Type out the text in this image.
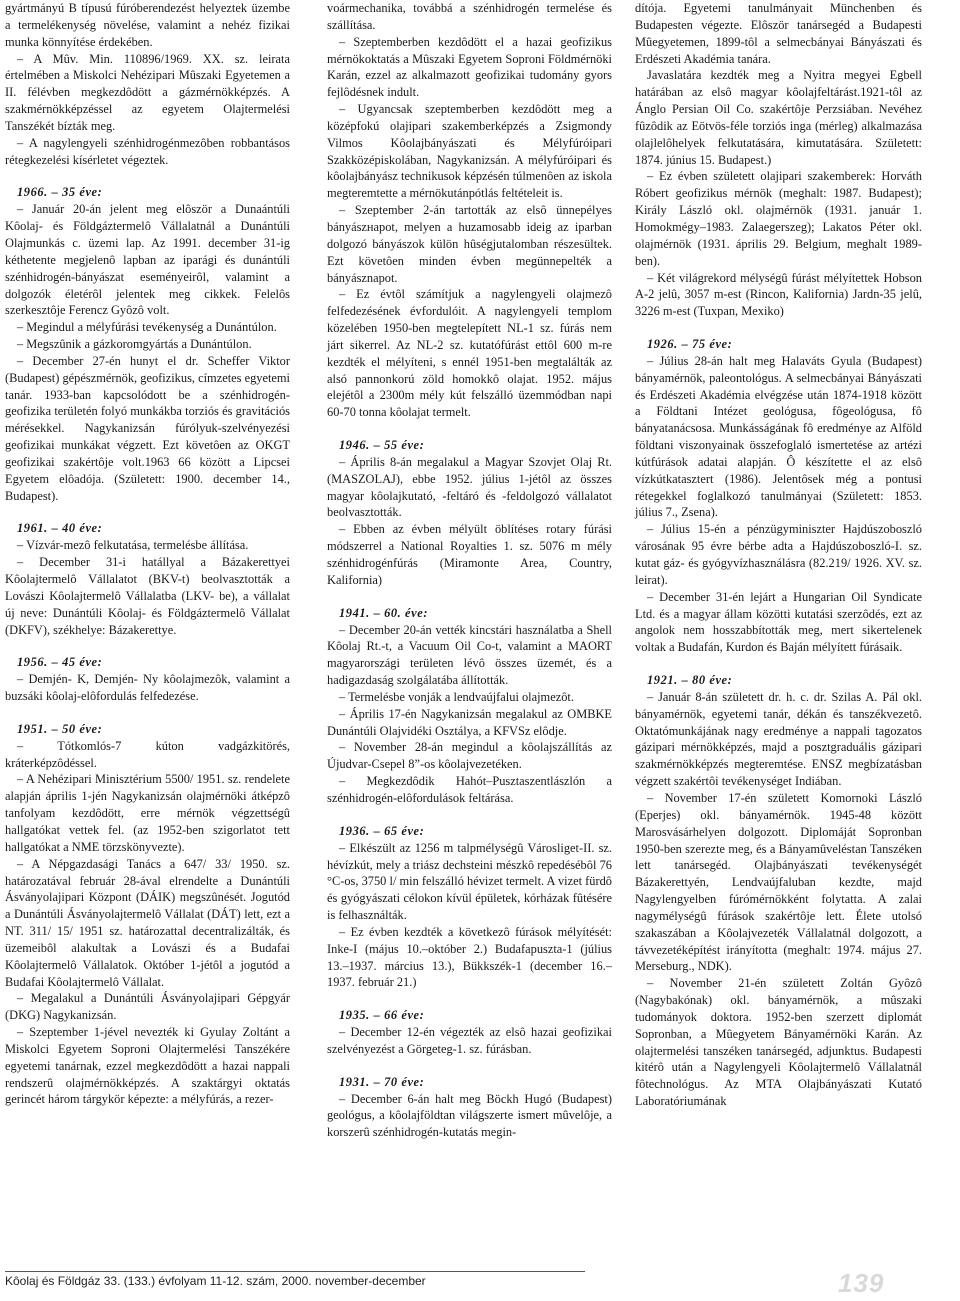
gyártmányú B típusú fúróberendezést helyeztek üzembe a termelékenység növelése, valamint a nehéz fizikai munka könnyítése érdekében.

– A Mûv. Min. 110896/1969. XX. sz. leirata értelmében a Miskolci Nehézipari Mûszaki Egyetemen a II. félévben megkezdôdött a gázmérnökképzés. A szakmérnökképzéssel az egyetem Olajtermelési Tanszékét bízták meg.

– A nagylengyeli szénhidrogénmezôben robbantásos rétegkezelési kísérletet végeztek.

1966. – 35 éve:

– Január 20-án jelent meg elôször a Dunaántúli Kôolaj- és Földgáztermelô Vállalatnál a Dunántúli Olajmunkás c. üzemi lap. Az 1991. december 31-ig kéthetente megjelenô lapban az iparági és dunántúli szénhidrogén-bányászat eseményeirôl, valamint a dolgozók életérôl jelentek meg cikkek. Felelôs szerkesztôje Ferencz Gyôzô volt.

– Megindul a mélyfúrási tevékenység a Dunántúlon.

– Megszûnik a gázkoromgyártás a Dunántúlon.

– December 27-én hunyt el dr. Scheffer Viktor (Budapest) gépészmérnök, geofizikus, címzetes egyetemi tanár. 1933-ban kapcsolódott be a szénhidrogén-geofizika területén folyó munkákba torziós és gravitációs mérésekkel. Nagykanizsán fúrólyuk-szelvényezési geofizikai munkákat végzett. Ezt követôen az OKGT geofizikai szakértôje volt.1963 66 között a Lipcsei Egyetem elôadója. (Született: 1900. december 14., Budapest).

1961. – 40 éve:

– Vízvár-mezô felkutatása, termelésbe állítása.

– December 31-i hatállyal a Bázakerettyei Kôolajtermelô Vállalatot (BKV-t) beolvasztották a Lovászi Kôolajtermelô Vállalatba (LKV- be), a vállalat új neve: Dunántúli Kôolaj- és Földgáztermelô Vállalat (DKFV), székhelye: Bázakerettye.

1956. – 45 éve:

– Demjén- K, Demjén- Ny kôolajmezôk, valamint a buzsáki kôolaj-elôfordulás felfedezése.

1951. – 50 éve:

– Tótkomlós-7 kúton vadgázkitörés, kráterképzôdéssel.

– A Nehézipari Minisztérium 5500/ 1951. sz. rendelete alapján április 1-jén Nagykanizsán olajmérnöki átképzô tanfolyam kezdôdött, erre mérnök végzettségû hallgatókat vettek fel. (az 1952-ben szigorlatot tett hallgatókat a NME törzskönyvezte).

– A Népgazdasági Tanács a 647/ 33/ 1950. sz. határozatával február 28-ával elrendelte a Dunántúli Ásványolajipari Központ (DÁIK) megszûnését. Jogutód a Dunántúli Ásványolajtermelô Vállalat (DÁT) lett, ezt a NT. 311/ 15/ 1951 sz. határozattal decentralizálták, és üzemeibôl alakultak a Lovászi és a Budafai Kôolajtermelô Vállalatok. Október 1-jétôl a jogutód a Budafai Kôolajtermelô Vállalat.

– Megalakul a Dunántúli Ásványolajipari Gépgyár (DKG) Nagykanizsán.

– Szeptember 1-jével nevezték ki Gyulay Zoltánt a Miskolci Egyetem Soproni Olajtermelési Tanszékére egyetemi tanárnak, ezzel megkezdôdött a hazai nappali rendszerû olajmérnökképzés. A szaktárgyi oktatás gerincét három tárgykör képezte: a mélyfúrás, a rezer-

voármechanika, továbbá a szénhidrogén termelése és szállítása.

– Szeptemberben kezdôdött el a hazai geofizikus mérnökoktatás a Mûszaki Egyetem Soproni Földmérnöki Karán, ezzel az alkalmazott geofizikai tudomány gyors fejlôdésnek indult.

– Ugyancsak szeptemberben kezdôdött meg a középfokú olajipari szakemberképzés a Zsigmondy Vilmos Kôolajbányászati és Mélyfúróipari Szakközépiskolában, Nagykanizsán. A mélyfúróipari és kôolajbányász technikusok képzésén túlmenôen az iskola megteremtette a mérnökutánpótlás feltételeit is.

– Szeptember 2-án tartották az elsô ünnepélyes bányászнapot, melyen a huzamosabb ideig az iparban dolgozó bányászok külön hûségjutalomban részesültek. Ezt követôen minden évben megünnepelték a bányásznapot.

– Ez évtôl számítjuk a nagylengyeli olajmezô felfedezésének évfordulóit. A nagylengyeli templom közelében 1950-ben megtelepített NL-1 sz. fúrás nem járt sikerrel. Az NL-2 sz. kutatófúrást ettôl 600 m-re kezdték el mélyíteni, s ennél 1951-ben megtalálták az alsó pannonkorú zöld homokkô olajat. 1952. május elejétôl a 2300m mély kút felszálló üzemmódban napi 60-70 tonna kôolajat termelt.

1946. – 55 éve:

– Április 8-án megalakul a Magyar Szovjet Olaj Rt. (MASZOLAJ), ebbe 1952. július 1-jétôl az összes magyar kôolajkutató, -feltáró és -feldolgozó vállalatot beolvasztották.

– Ebben az évben mélyült öblítéses rotary fúrási módszerrel a National Royalties 1. sz. 5076 m mély szénhidrogénfúrás (Miramonte Area, Country, Kalifornia)

1941. – 60. éve:

– December 20-án vették kincstári használatba a Shell Kôolaj Rt.-t, a Vacuum Oil Co-t, valamint a MAORT magyarországi területen lévô összes üzemét, és a hadigazdaság szolgálatába állították.

– Termelésbe vonják a lendvaújfalui olajmezôt.

– Április 17-én Nagykanizsán megalakul az OMBKE Dunántúli Olajvidéki Osztálya, a KFVSz elôdje.

– November 28-án megindul a kôolajszállítás az Újudvar-Csepel 8”-os kôolajvezetéken.

– Megkezdôdik Hahót–Pusztaszentlászlón a szénhidrogén-elôfordulások feltárása.

1936. – 65 éve:

– Elkészült az 1256 m talpmélységû Városliget-II. sz. hévízkút, mely a triász dechsteini mészkô repedésébôl 76 °C-os, 3750 l/ min felszálló hévizet termelt. A vizet fürdô és gyógyászati célokon kívül épületek, kórházak fûtésére is felhasználták.

– Ez évben kezdték a következô fúrások mélyítését: Inke-I (május 10.–október 2.) Budafapuszta-1 (július 13.–1937. március 13.), Bükkszék-1 (december 16.–1937. február 21.)

1935. – 66 éve:

– December 12-én végezték az elsô hazai geofizikai szelvényezést a Görgeteg-1. sz. fúrásban.

1931. – 70 éve:

– December 6-án halt meg Böckh Hugó (Budapest) geológus, a kôolajföldtan világszerte ismert mûvelôje, a korszerû szénhidrogén-kutatás megin-

dítója. Egyetemi tanulmányait Münchenben és Budapesten végezte. Elôször tanársegéd a Budapesti Mûegyetemen, 1899-tôl a selmecbányai Bányászati és Erdészeti Akadémia tanára.

Javaslatára kezdték meg a Nyitra megyei Egbell határában az elsô magyar kôolajfeltárást.1921-tôl az Ánglo Persian Oil Co. szakértôje Perzsiában. Nevéhez fûzôdik az Eötvös-féle torziós inga (mérleg) alkalmazása olajlelôhelyek felkutatására, kimutatására. Született: 1874. június 15. Budapest.)

– Ez évben született olajipari szakemberek: Horváth Róbert geofizikus mérnök (meghalt: 1987. Budapest); Király László okl. olajmérnök (1931. január 1. Homokmégy–1983. Zalaegerszeg); Lakatos Péter okl. olajmérnök (1931. április 29. Belgium, meghalt 1989-ben).

– Két világrekord mélységû fúrást mélyítettek Hobson A-2 jelû, 3057 m-est (Rincon, Kalifornia) Jardn-35 jelû, 3226 m-est (Tuxpan, Mexiko)

1926. – 75 éve:

– Július 28-án halt meg Halaváts Gyula (Budapest) bányamérnök, paleontológus. A selmecbányai Bányászati és Erdészeti Akadémia elvégzése után 1874-1918 között a Földtani Intézet geológusa, fôgeológusa, fô bányatanácsosa. Munkásságának fô eredménye az Alföld földtani viszonyainak összefoglaló ismertetése az artézi kútfúrások adatai alapján. Ô készítette el az elsô vízkútkatasztert (1986). Jelentôsek még a pontusi rétegekkel foglalkozó tanulmányai (Született: 1853. július 7., Zsena).

– Július 15-én a pénzügyminiszter Hajdúszoboszló városának 95 évre bérbe adta a Hajdúszoboszló-I. sz. kutat gáz- és gyógyvízhasználásra (82.219/ 1926. XV. sz. leirat).

– December 31-én lejárt a Hungarian Oil Syndicate Ltd. és a magyar állam közötti kutatási szerzôdés, ezt az angolok nem hosszabbították meg, mert sikertelenek voltak a Budafán, Kurdon és Baján mélyített fúrásaik.

1921. – 80 éve:

– Január 8-án született dr. h. c. dr. Szilas A. Pál okl. bányamérnök, egyetemi tanár, dékán és tanszékvezetô. Oktatómunkájának nagy eredménye a nappali tagozatos gázipari mérnökképzés, majd a posztgraduális gázipari szakmérnökképzés megteremtése. ENSZ megbízatásban végzett szakértôi tevékenységet Indiában.

– November 17-én született Komornoki László (Eperjes) okl. bányamérnök. 1945-48 között Marosvásárhelyen dolgozott. Diplomáját Sopronban 1950-ben szerezte meg, és a Bányamûveléstan Tanszéken lett tanársegéd. Olajbányászati tevékenységét Bázakerettyén, Lendvaújfaluban kezdte, majd Nagylengyelben fúrómérnökként folytatta. A zalai nagymélységû fúrások szakértôje lett. Élete utolsó szakaszában a Kôolajvezeték Vállalatnál dolgozott, a távvezetéképítést irányította (meghalt: 1974. május 27. Merseburg., NDK).

– November 21-én született Zoltán Gyôzô (Nagybakónak) okl. bányamérnök, a mûszaki tudományok doktora. 1952-ben szerzett diplomát Sopronban, a Mûegyetem Bányamérnöki Karán. Az olajtermelési tanszéken tanársegéd, adjunktus. Budapesti kitérô után a Nagylengyeli Kôolajtermelô Vállalatnál fôtechnológus. Az MTA Olajbányászati Kutató Laboratóriumának

Kôolaj és Földgáz 33. (133.) évfolyam 11-12. szám, 2000. november-december	139
